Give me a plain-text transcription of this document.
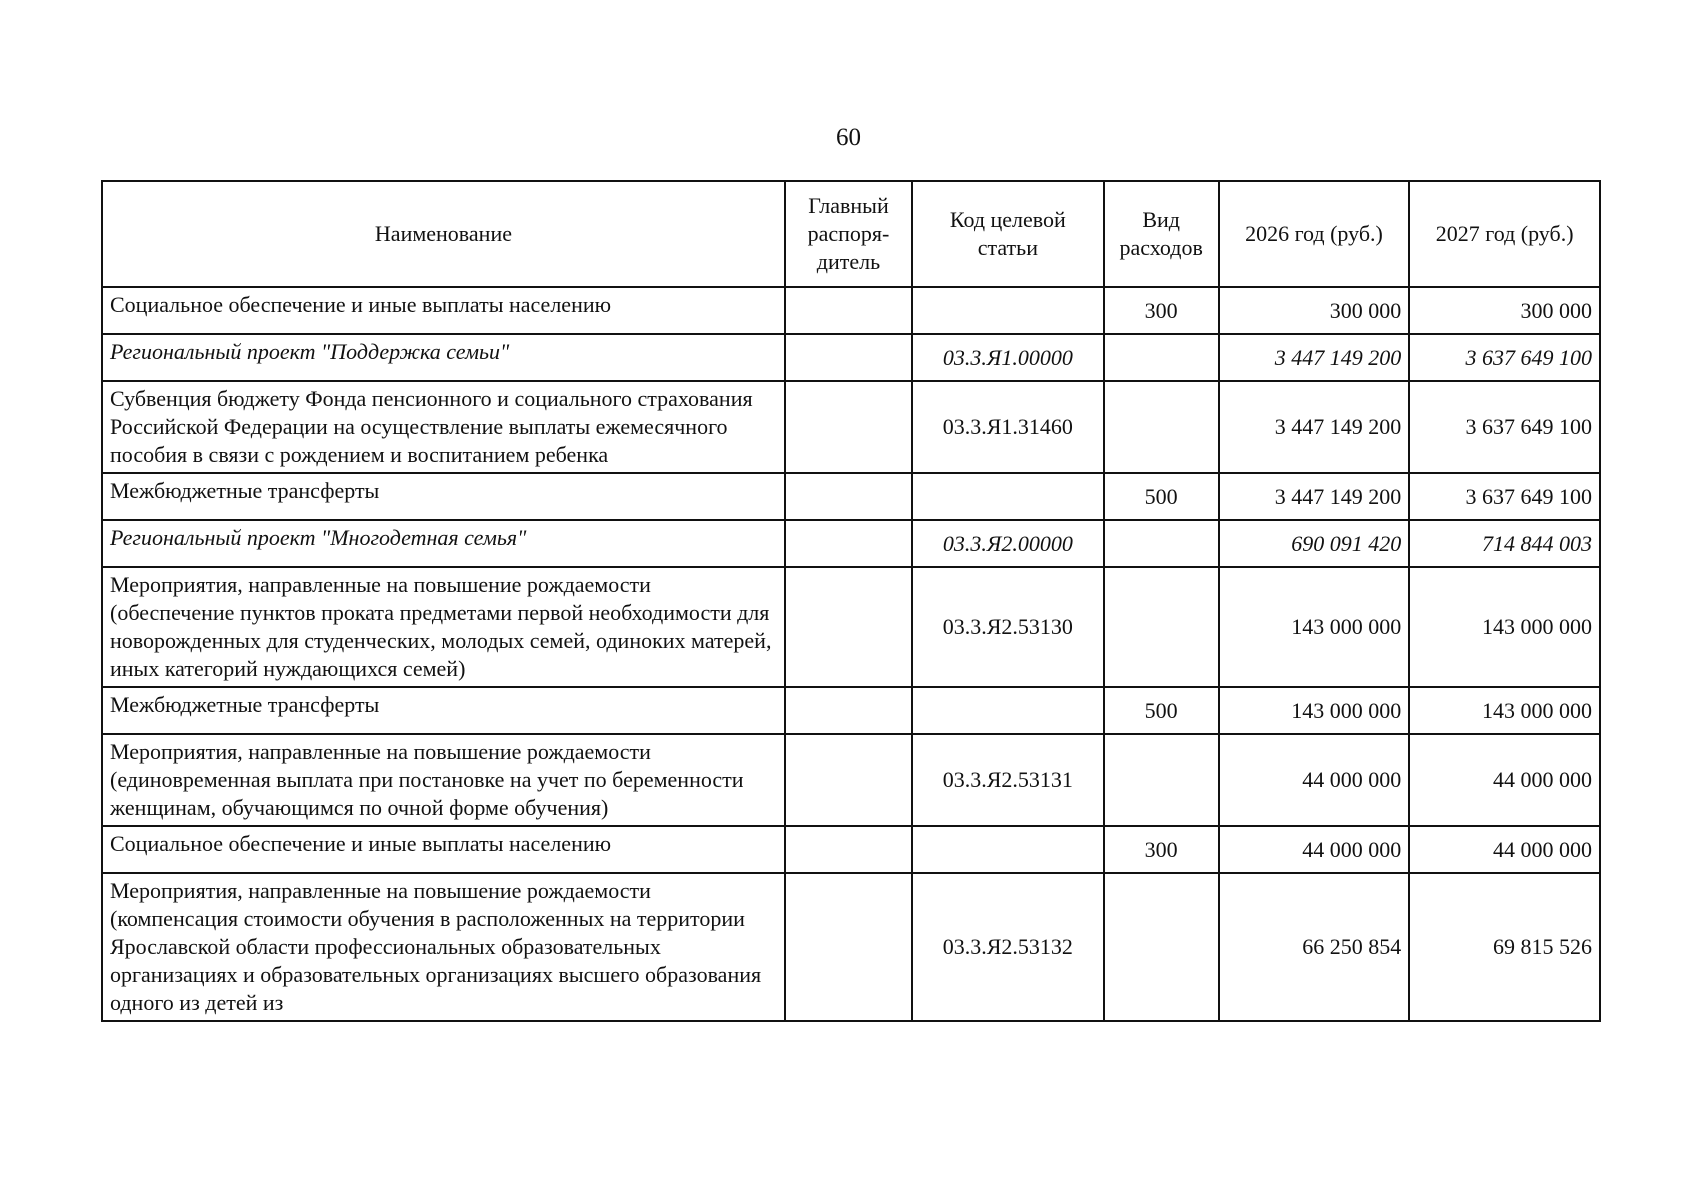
60
Наименование	Главный распоря-дитель	Код целевой статьи	Вид расходов	2026 год (руб.)	2027 год (руб.)
Социальное обеспечение и иные выплаты населению			300	300 000	300 000
Региональный проект "Поддержка семьи"		03.3.Я1.00000		3 447 149 200	3 637 649 100
Субвенция бюджету Фонда пенсионного и социального страхования Российской Федерации на осуществление выплаты ежемесячного пособия в связи с рождением и воспитанием ребенка		03.3.Я1.31460		3 447 149 200	3 637 649 100
Межбюджетные трансферты			500	3 447 149 200	3 637 649 100
Региональный проект "Многодетная семья"		03.3.Я2.00000		690 091 420	714 844 003
Мероприятия, направленные на повышение рождаемости (обеспечение пунктов проката предметами первой необходимости для новорожденных для студенческих, молодых семей, одиноких матерей, иных категорий нуждающихся семей)		03.3.Я2.53130		143 000 000	143 000 000
Межбюджетные трансферты			500	143 000 000	143 000 000
Мероприятия, направленные на повышение рождаемости (единовременная выплата при постановке на учет по беременности женщинам, обучающимся по очной форме обучения)		03.3.Я2.53131		44 000 000	44 000 000
Социальное обеспечение и иные выплаты населению			300	44 000 000	44 000 000
Мероприятия, направленные на повышение рождаемости (компенсация стоимости обучения в расположенных на территории Ярославской области профессиональных образовательных организациях и образовательных организациях высшего образования одного из детей из		03.3.Я2.53132		66 250 854	69 815 526
